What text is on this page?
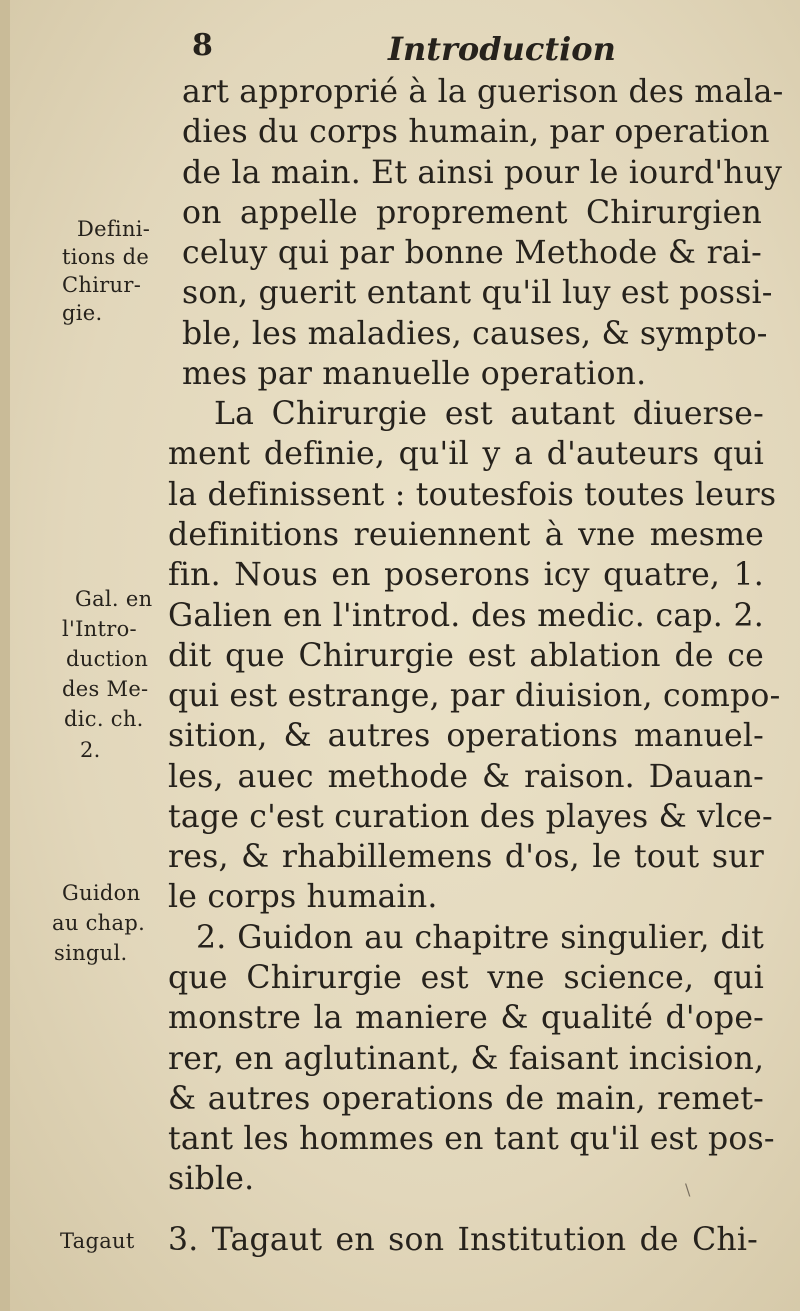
8	Introduction
art approprié à la guerison des mala-
dies du corps humain, par operation
de la main. Et ainsi pour le iourd'huy
on appelle proprement Chirurgien
celuy qui par bonne Methode & rai-
son, guerit entant qu'il luy est possi-
ble, les maladies, causes, & sympto-
mes par manuelle operation.
La Chirurgie est autant diuerse-
ment definie, qu'il y a d'auteurs qui
la definissent : toutesfois toutes leurs
definitions reuiennent à vne mesme
fin. Nous en poserons icy quatre, 1.
Galien en l'introd. des medic. cap. 2.
dit que Chirurgie est ablation de ce
qui est estrange, par diuision, compo-
sition, & autres operations manuel-
les, auec methode & raison. Dauan-
tage c'est curation des playes & vlce-
res, & rhabillemens d'os, le tout sur
le corps humain.
2. Guidon au chapitre singulier, dit
que Chirurgie est vne science, qui
monstre la maniere & qualité d'ope-
rer, en aglutinant, & faisant incision,
& autres operations de main, remet-
tant les hommes en tant qu'il est pos-
sible.
3. Tagaut en son Institution de Chi-
Defini-
tions de
Chirur-
gie.
Gal. en
l'Intro-
duction
des Me-
dic. ch.
2.
Guidon
au chap.
singul.
Tagaut
\
